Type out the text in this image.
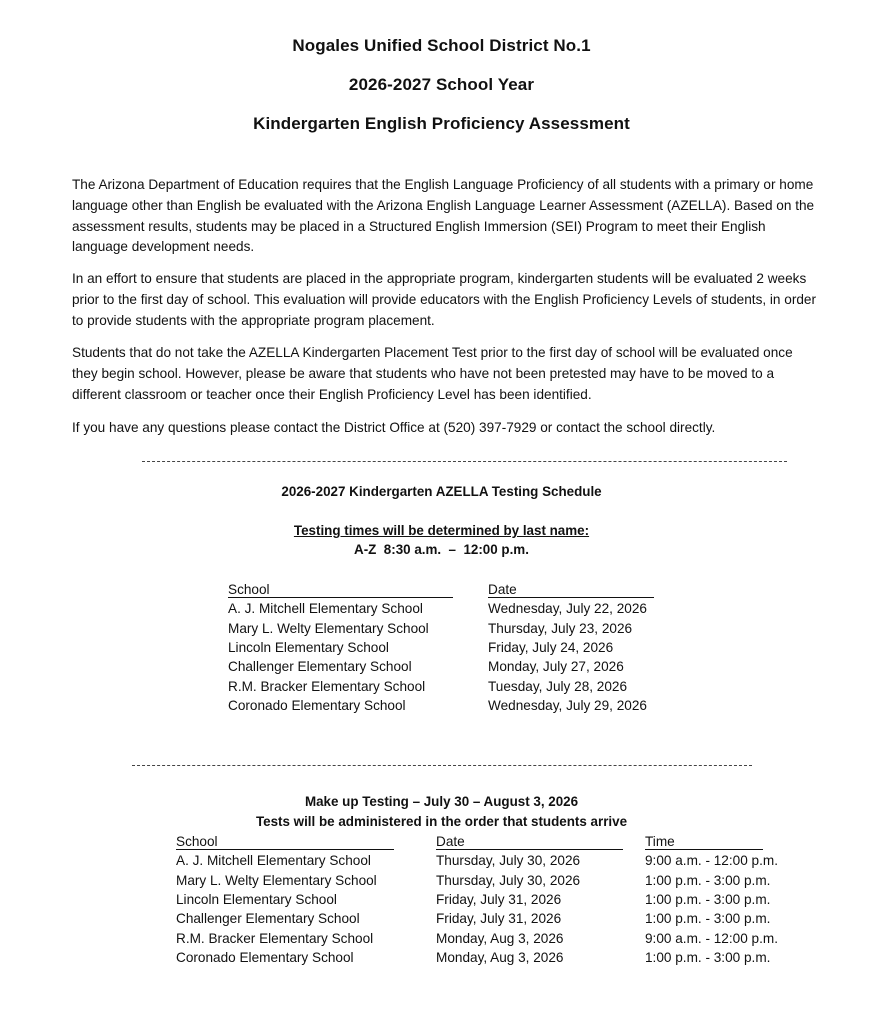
Nogales Unified School District No.1
2026-2027 School Year
Kindergarten English Proficiency Assessment

The Arizona Department of Education requires that the English Language Proficiency of all students with a primary or home language other than English be evaluated with the Arizona English Language Learner Assessment (AZELLA). Based on the assessment results, students may be placed in a Structured English Immersion (SEI) Program to meet their English language development needs.

In an effort to ensure that students are placed in the appropriate program, kindergarten students will be evaluated 2 weeks prior to the first day of school. This evaluation will provide educators with the English Proficiency Levels of students, in order to provide students with the appropriate program placement.

Students that do not take the AZELLA Kindergarten Placement Test prior to the first day of school will be evaluated once they begin school. However, please be aware that students who have not been pretested may have to be moved to a different classroom or teacher once their English Proficiency Level has been identified.

If you have any questions please contact the District Office at (520) 397-7929 or contact the school directly.

2026-2027 Kindergarten AZELLA Testing Schedule
Testing times will be determined by last name:
A-Z  8:30 a.m.  –  12:00 p.m.
School	Date
A. J. Mitchell Elementary School	Wednesday, July 22, 2026
Mary L. Welty Elementary School	Thursday, July 23, 2026
Lincoln Elementary School	Friday, July 24, 2026
Challenger Elementary School	Monday, July 27, 2026
R.M. Bracker Elementary School	Tuesday, July 28, 2026
Coronado Elementary School	Wednesday, July 29, 2026
Make up Testing – July 30 – August 3, 2026
Tests will be administered in the order that students arrive
School	Date	Time
A. J. Mitchell Elementary School	Thursday, July 30, 2026	9:00 a.m. - 12:00 p.m.
Mary L. Welty Elementary School	Thursday, July 30, 2026	1:00 p.m. - 3:00 p.m.
Lincoln Elementary School	Friday, July 31, 2026	1:00 p.m. - 3:00 p.m.
Challenger Elementary School	Friday, July 31, 2026	1:00 p.m. - 3:00 p.m.
R.M. Bracker Elementary School	Monday, Aug 3, 2026	9:00 a.m. - 12:00 p.m.
Coronado Elementary School	Monday, Aug 3, 2026	1:00 p.m. - 3:00 p.m.
